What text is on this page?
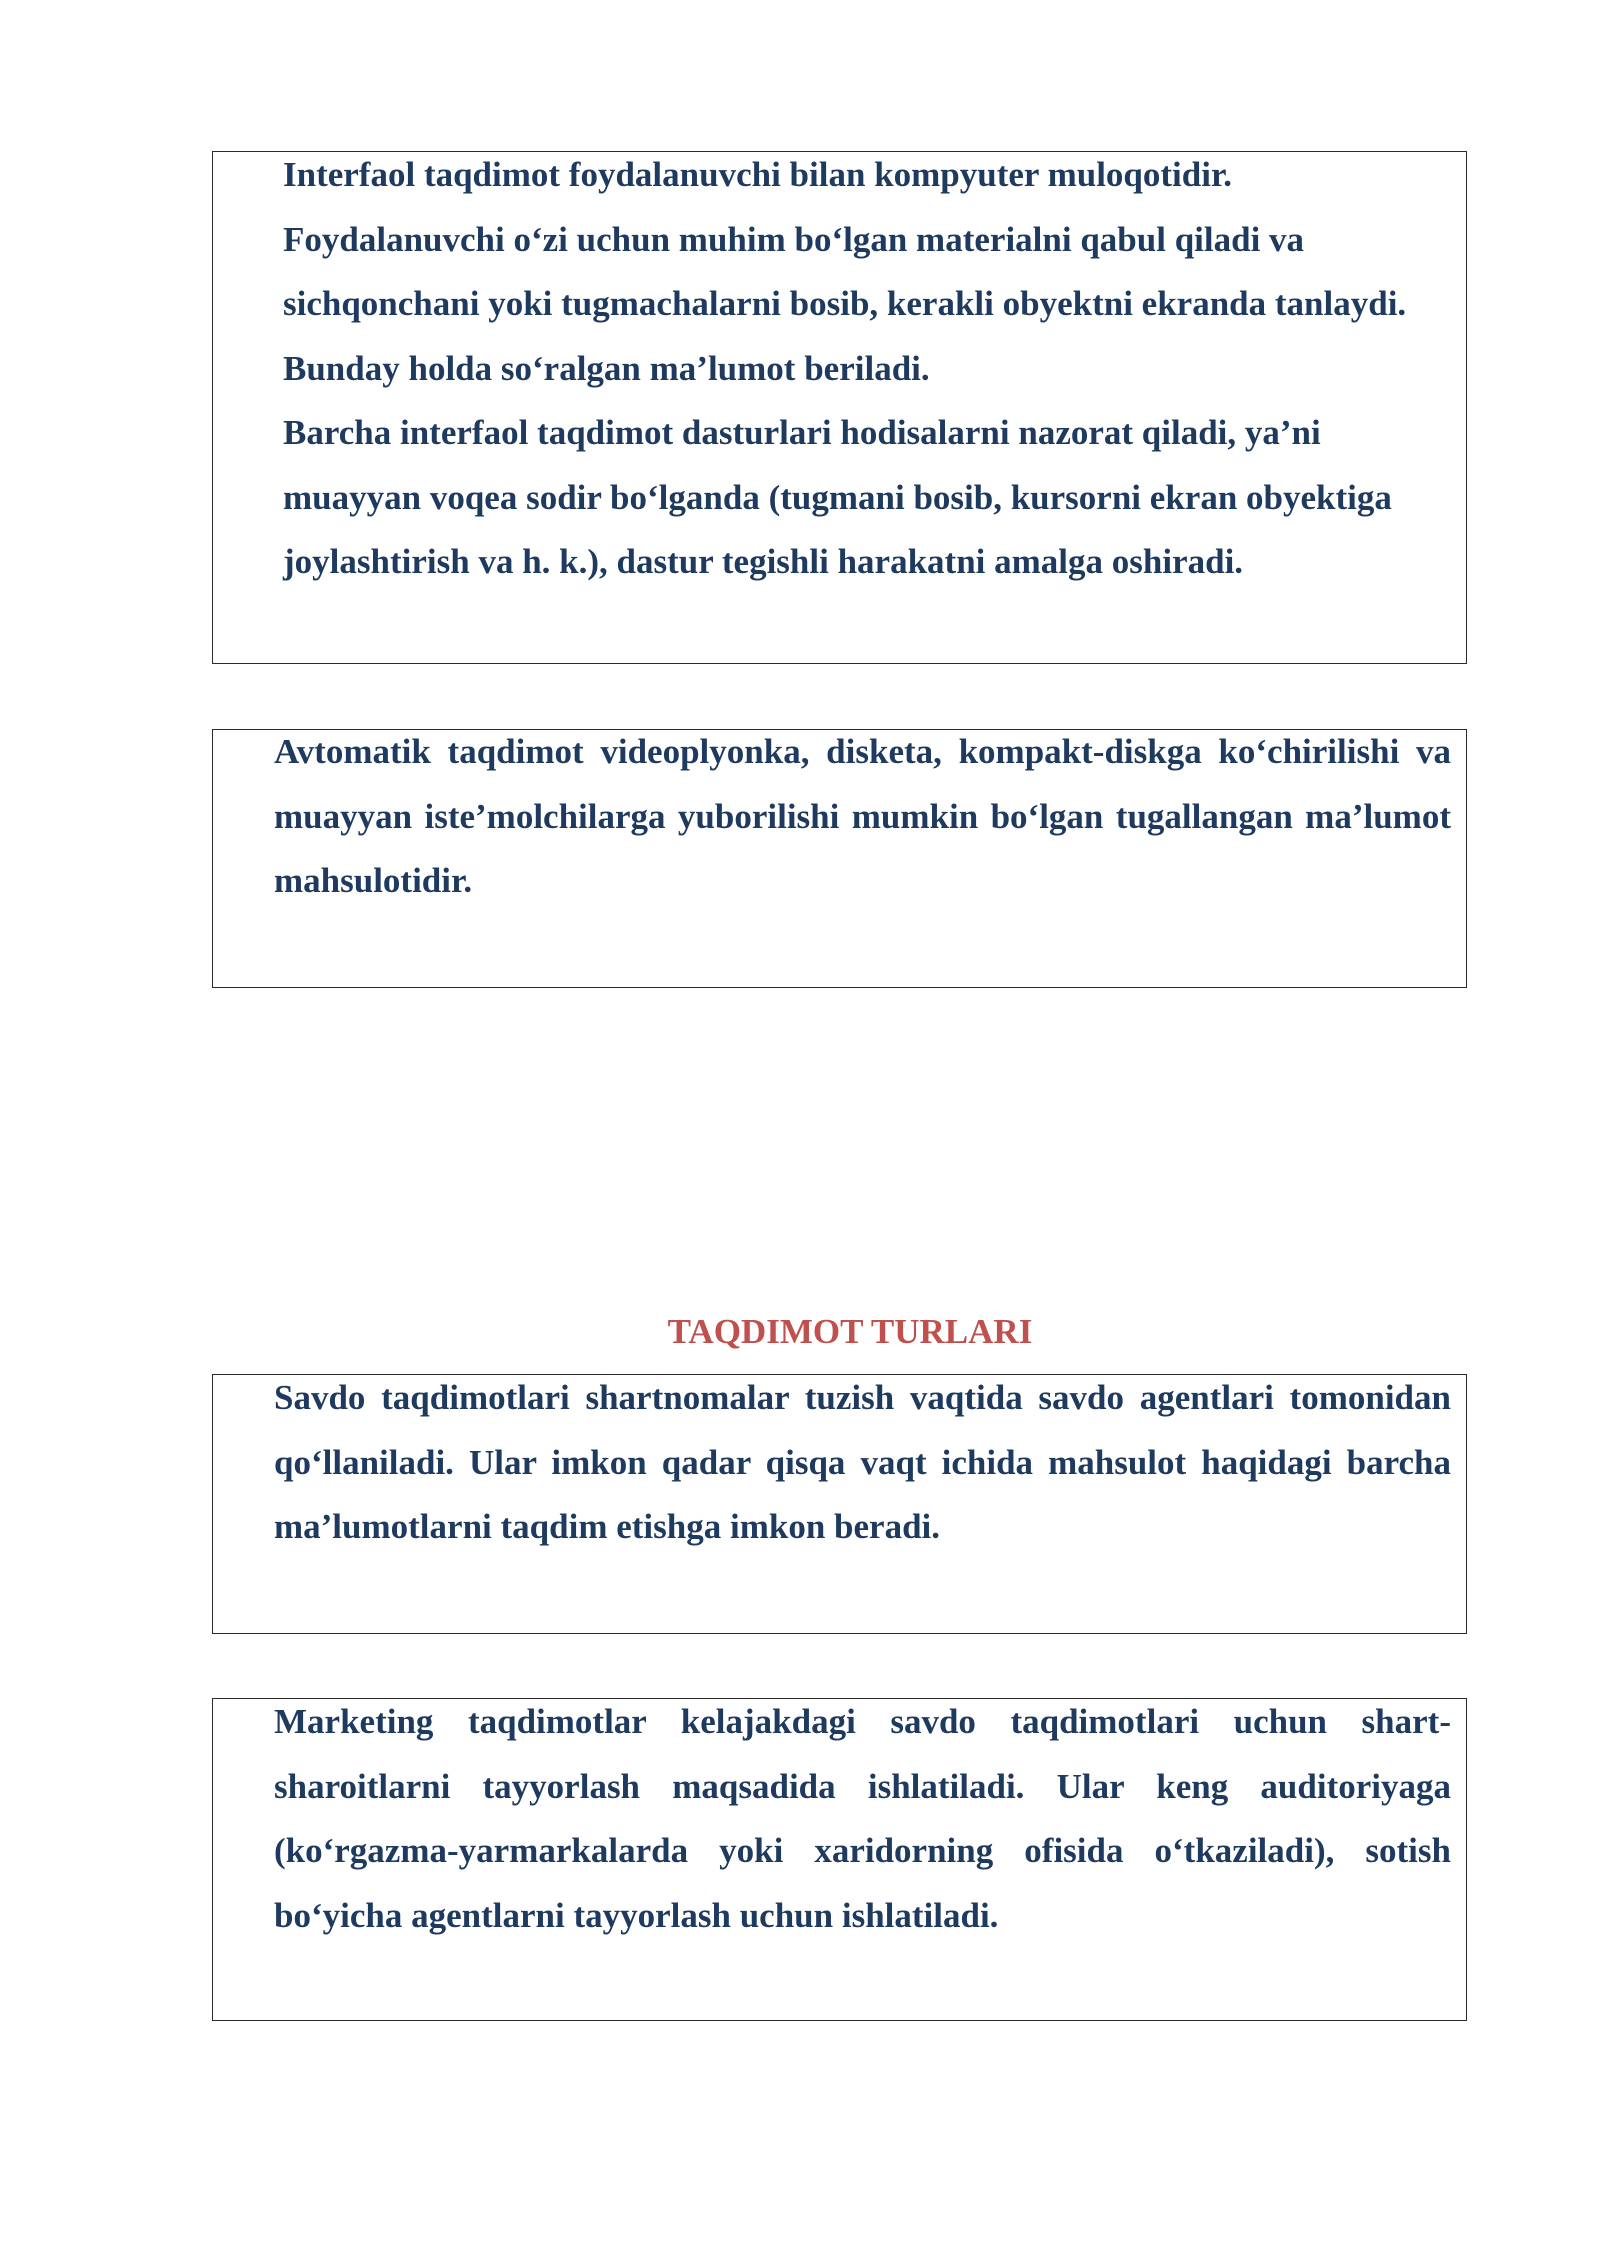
Interfaol taqdimot foydalanuvchi bilan kompyuter muloqotidir. Foydalanuvchi o‘zi uchun muhim bo‘lgan materialni qabul qiladi va sichqonchani yoki tugmachalarni bosib, kerakli obyektni ekranda tanlaydi. Bunday holda so‘ralgan ma’lumot beriladi.

Barcha interfaol taqdimot dasturlari hodisalarni nazorat qiladi, ya’ni muayyan voqea sodir bo‘lganda (tugmani bosib, kursorni ekran obyektiga joylashtirish va h. k.), dastur tegishli harakatni amalga oshiradi.

Avtomatik taqdimot videoplyonka, disketa, kompakt-diskga ko‘chirilishi va muayyan iste’molchilarga yuborilishi mumkin bo‘lgan tugallangan ma’lumot mahsulotidir.

TAQDIMOT TURLARI

Savdo taqdimotlari shartnomalar tuzish vaqtida savdo agentlari tomonidan qo‘llaniladi. Ular imkon qadar qisqa vaqt ichida mahsulot haqidagi barcha ma’lumotlarni taqdim etishga imkon beradi.

Marketing taqdimotlar kelajakdagi savdo taqdimotlari uchun shart-sharoitlarni tayyorlash maqsadida ishlatiladi. Ular keng auditoriyaga (ko‘rgazma-yarmarkalarda yoki xaridorning ofisida o‘tkaziladi), sotish bo‘yicha agentlarni tayyorlash uchun ishlatiladi.
